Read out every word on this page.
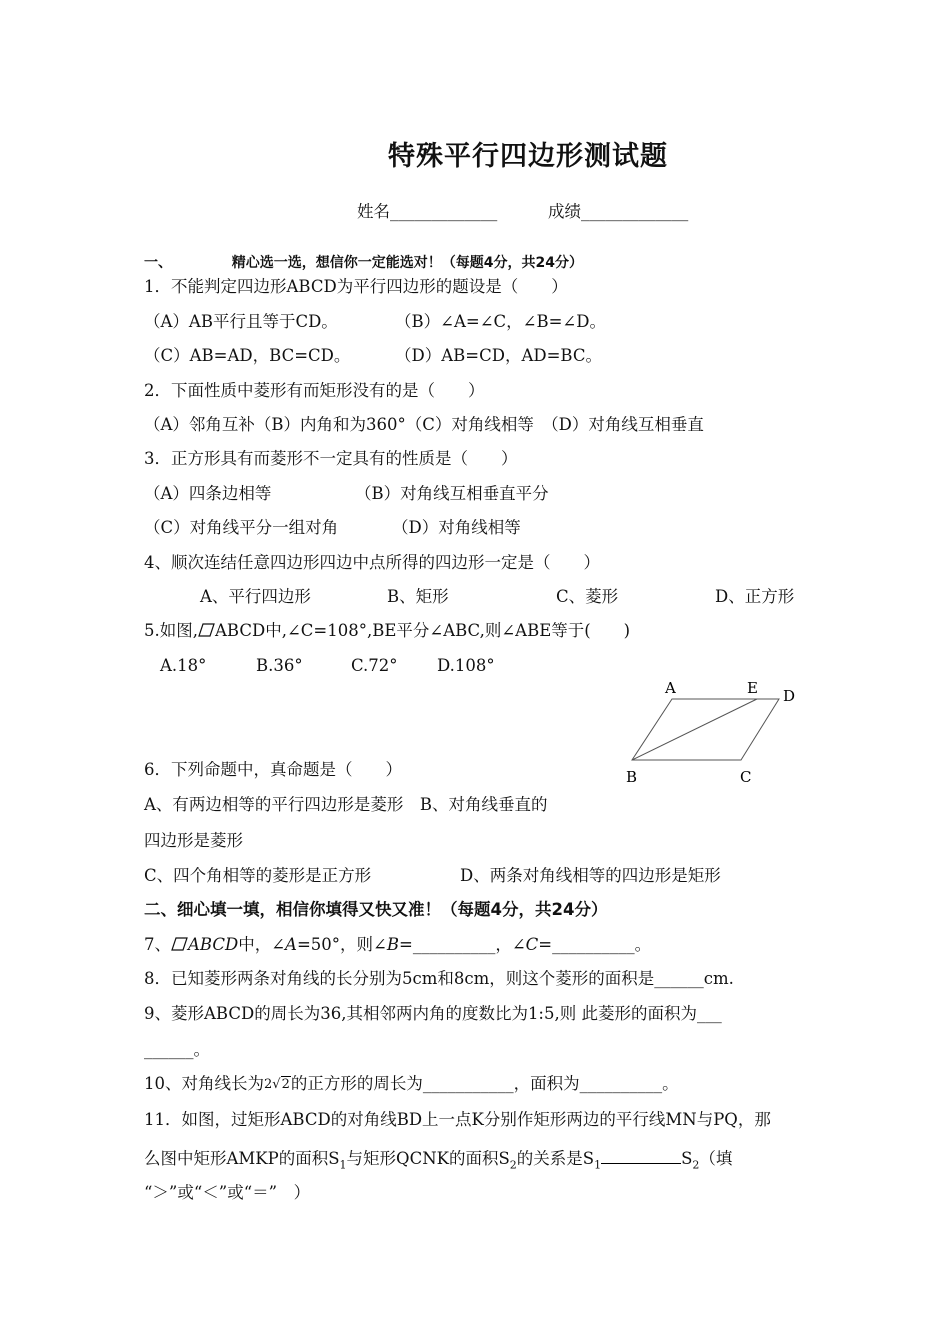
特殊平行四边形测试题
姓名_____________	成绩_____________
一、	精心选一选，想信你一定能选对！（每题4分，共24分）
1．不能判定四边形ABCD为平行四边形的题设是（　　）
（A）AB平行且等于CD。	（B）∠A=∠C，∠B=∠D。
（C）AB=AD，BC=CD。	（D）AB=CD，AD=BC。
2．下面性质中菱形有而矩形没有的是（　　）
（A）邻角互补（B）内角和为360°（C）对角线相等　（D）对角线互相垂直
3．正方形具有而菱形不一定具有的性质是（　　）
（A）四条边相等	（B）对角线互相垂直平分
（C）对角线平分一组对角	（D）对角线相等
4、顺次连结任意四边形四边中点所得的四边形一定是（　　）
A、平行四边形	B、矩形	C、菱形	D、正方形
5.如图, ABCD中,∠C=108°,BE平分∠ABC,则∠ABE等于(　　)
A.18°	B.36°	C.72° D.108°
A	E D
B	C
6．下列命题中，真命题是（　　）
A、有两边相等的平行四边形是菱形　B、对角线垂直的
四边形是菱形
C、四个角相等的菱形是正方形	D、两条对角线相等的四边形是矩形
二、细心填一填，相信你填得又快又准！（每题4分，共24分）
7、 ABCD中，∠A=50°，则∠B=__________，∠C=__________。
8．已知菱形两条对角线的长分别为5cm和8cm，则这个菱形的面积是______cm.
9、菱形ABCD的周长为36,其相邻两内角的度数比为1:5,则 此菱形的面积为___
______。
10、对角线长为2√2的正方形的周长为___________，面积为__________。
11．如图，过矩形ABCD的对角线BD上一点K分别作矩形两边的平行线MN与PQ，那
么图中矩形AMKP的面积$S_1$与矩形QCNK的面积$S_2$的关系是$S_1$	$S_2$（填
“＞”或“＜”或“＝”　）
